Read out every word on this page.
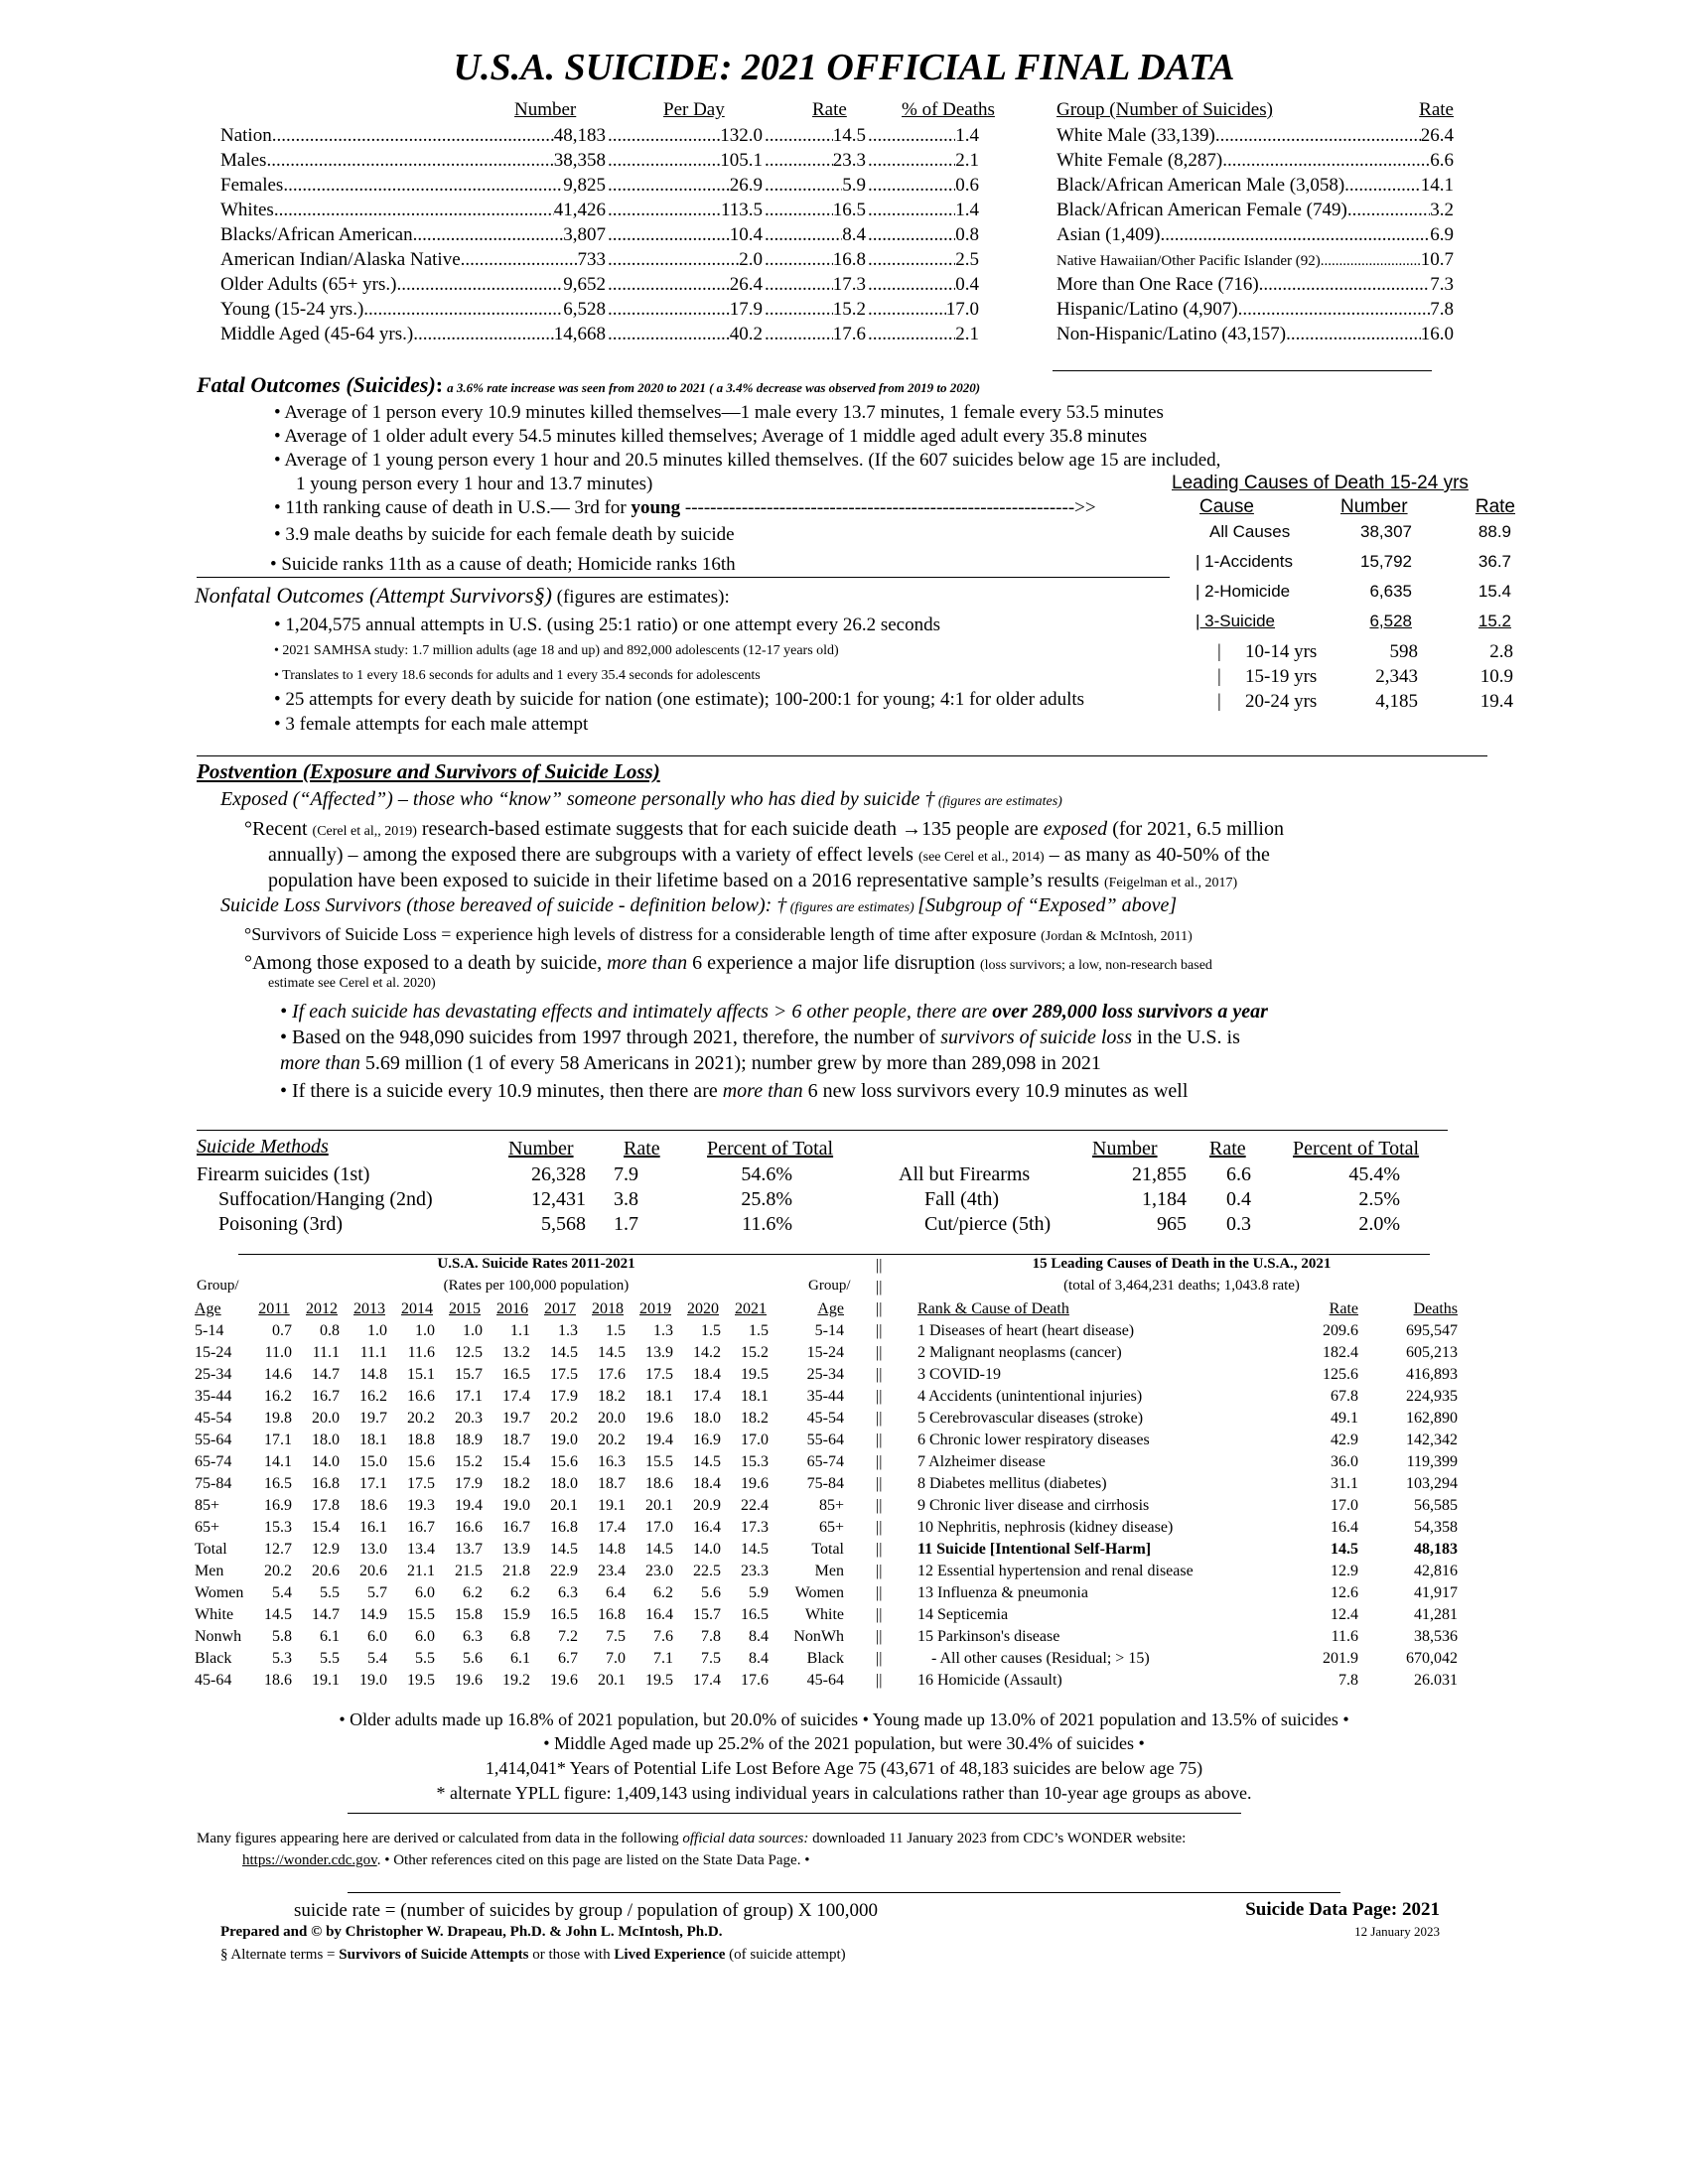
U.S.A. SUICIDE: 2021 OFFICIAL FINAL DATA
Number	Per Day	Rate	% of Deaths
Nation .....	48,183 .....	132.0 .....	14.5 .....	1.4
Males .....	38,358 .....	105.1 .....	23.3 .....	2.1
Females .....	9,825 .....	26.9 .....	5.9 .....	0.6
Whites .....	41,426 .....	113.5 .....	16.5 .....	1.4
Blacks/African American .....	3,807 .....	10.4 .....	8.4 .....	0.8
American Indian/Alaska Native .....	733 .....	2.0 .....	16.8 .....	2.5
Older Adults (65+ yrs.) .....	9,652 .....	26.4 .....	17.3 .....	0.4
Young (15-24 yrs.) .....	6,528 .....	17.9 .....	15.2 .....	17.0
Middle Aged (45-64 yrs.) .....	14,668 .....	40.2 .....	17.6 .....	2.1
Group (Number of Suicides)	Rate
White Male (33,139) .....	26.4
White Female (8,287) .....	6.6
Black/African American Male (3,058) .....	14.1
Black/African American Female (749) .....	3.2
Asian (1,409) .....	6.9
Native Hawaiian/Other Pacific Islander (92) .....	10.7
More than One Race (716) .....	7.3
Hispanic/Latino (4,907) .....	7.8
Non-Hispanic/Latino (43,157) .....	16.0
Fatal Outcomes (Suicides): a 3.6% rate increase was seen from 2020 to 2021 ( a 3.4% decrease was observed from 2019 to 2020)
• Average of 1 person every 10.9 minutes killed themselves—1 male every 13.7 minutes, 1 female every 53.5 minutes
• Average of 1 older adult every 54.5 minutes killed themselves; Average of 1 middle aged adult every 35.8 minutes
• Average of 1 young person every 1 hour and 20.5 minutes killed themselves. (If the 607 suicides below age 15 are included,
1 young person every 1 hour and 13.7 minutes)
• 11th ranking cause of death in U.S.— 3rd for young -------------------------------------------------------------->>
• 3.9 male deaths by suicide for each female death by suicide
• Suicide ranks 11th as a cause of death; Homicide ranks 16th
Leading Causes of Death 15-24 yrs
Cause	Number	Rate
All Causes	38,307	88.9
| 1-Accidents	15,792	36.7
| 2-Homicide	6,635	15.4
| 3-Suicide	6,528	15.2
| 10-14 yrs	598	2.8
| 15-19 yrs	2,343	10.9
| 20-24 yrs	4,185	19.4
Nonfatal Outcomes (Attempt Survivors§) (figures are estimates):
• 1,204,575 annual attempts in U.S. (using 25:1 ratio) or one attempt every 26.2 seconds
• 2021 SAMHSA study: 1.7 million adults (age 18 and up) and 892,000 adolescents (12-17 years old)
• Translates to 1 every 18.6 seconds for adults and 1 every 35.4 seconds for adolescents
• 25 attempts for every death by suicide for nation (one estimate); 100-200:1 for young; 4:1 for older adults
• 3 female attempts for each male attempt
Postvention (Exposure and Survivors of Suicide Loss)
Exposed (“Affected”) – those who “know” someone personally who has died by suicide † (figures are estimates)
°Recent (Cerel et al,, 2019) research-based estimate suggests that for each suicide death →135 people are exposed (for 2021, 6.5 million
annually) – among the exposed there are subgroups with a variety of effect levels (see Cerel et al., 2014) – as many as 40-50% of the
population have been exposed to suicide in their lifetime based on a 2016 representative sample’s results (Feigelman et al., 2017)
Suicide Loss Survivors (those bereaved of suicide - definition below): † (figures are estimates) [Subgroup of “Exposed” above]
°Survivors of Suicide Loss = experience high levels of distress for a considerable length of time after exposure (Jordan & McIntosh, 2011)
°Among those exposed to a death by suicide, more than 6 experience a major life disruption (loss survivors; a low, non-research based
estimate see Cerel et al. 2020)
• If each suicide has devastating effects and intimately affects > 6 other people, there are over 289,000 loss survivors a year
• Based on the 948,090 suicides from 1997 through 2021, therefore, the number of survivors of suicide loss in the U.S. is
more than 5.69 million (1 of every 58 Americans in 2021); number grew by more than 289,098 in 2021
• If there is a suicide every 10.9 minutes, then there are more than 6 new loss survivors every 10.9 minutes as well
Suicide Methods	Number	Rate Percent of Total	Number	Rate Percent of Total
Firearm suicides (1st)	26,328	7.9	54.6%
Suffocation/Hanging (2nd)	12,431	3.8	25.8%
Poisoning (3rd)	5,568	1.7	11.6%
All but Firearms	21,855	6.6	45.4%
Fall (4th)	1,184	0.4	2.5%
Cut/pierce (5th)	965	0.3	2.0%
U.S.A. Suicide Rates 2011-2021
(Rates per 100,000 population)
Group/	Group/
Age	2011	2012	2013	2014	2015	2016	2017	2018	2019	2020	2021	Age
5-14	0.7	0.8	1.0	1.0	1.0	1.1	1.3	1.5	1.3	1.5	1.5	5-14
15-24	11.0	11.1	11.1	11.6	12.5	13.2	14.5	14.5	13.9	14.2	15.2	15-24
25-34	14.6	14.7	14.8	15.1	15.7	16.5	17.5	17.6	17.5	18.4	19.5	25-34
35-44	16.2	16.7	16.2	16.6	17.1	17.4	17.9	18.2	18.1	17.4	18.1	35-44
45-54	19.8	20.0	19.7	20.2	20.3	19.7	20.2	20.0	19.6	18.0	18.2	45-54
55-64	17.1	18.0	18.1	18.8	18.9	18.7	19.0	20.2	19.4	16.9	17.0	55-64
65-74	14.1	14.0	15.0	15.6	15.2	15.4	15.6	16.3	15.5	14.5	15.3	65-74
75-84	16.5	16.8	17.1	17.5	17.9	18.2	18.0	18.7	18.6	18.4	19.6	75-84
85+	16.9	17.8	18.6	19.3	19.4	19.0	20.1	19.1	20.1	20.9	22.4	85+
65+	15.3	15.4	16.1	16.7	16.6	16.7	16.8	17.4	17.0	16.4	17.3	65+
Total	12.7	12.9	13.0	13.4	13.7	13.9	14.5	14.8	14.5	14.0	14.5	Total
Men	20.2	20.6	20.6	21.1	21.5	21.8	22.9	23.4	23.0	22.5	23.3	Men
Women	5.4	5.5	5.7	6.0	6.2	6.2	6.3	6.4	6.2	5.6	5.9	Women
White	14.5	14.7	14.9	15.5	15.8	15.9	16.5	16.8	16.4	15.7	16.5	White
Nonwh	5.8	6.1	6.0	6.0	6.3	6.8	7.2	7.5	7.6	7.8	8.4	NonWh
Black	5.3	5.5	5.4	5.5	5.6	6.1	6.7	7.0	7.1	7.5	8.4	Black
45-64	18.6	19.1	19.0	19.5	19.6	19.2	19.6	20.1	19.5	17.4	17.6	45-64
||
||
||
||
||
||
||
||
||
||
||
||
||
||
||
||
||
||
||
||
15 Leading Causes of Death in the U.S.A., 2021
(total of 3,464,231 deaths; 1,043.8 rate)
Rank & Cause of Death	Rate	Deaths
1 Diseases of heart (heart disease)	209.6	695,547
2 Malignant neoplasms (cancer)	182.4	605,213
3 COVID-19	125.6	416,893
4 Accidents (unintentional injuries)	67.8	224,935
5 Cerebrovascular diseases (stroke)	49.1	162,890
6 Chronic lower respiratory diseases	42.9	142,342
7 Alzheimer disease	36.0	119,399
8 Diabetes mellitus (diabetes)	31.1	103,294
9 Chronic liver disease and cirrhosis	17.0	56,585
10 Nephritis, nephrosis (kidney disease)	16.4	54,358
11 Suicide [Intentional Self-Harm]	14.5	48,183
12 Essential hypertension and renal disease	12.9	42,816
13 Influenza & pneumonia	12.6	41,917
14 Septicemia	12.4	41,281
15 Parkinson's disease	11.6	38,536
- All other causes (Residual; > 15)	201.9	670,042
16 Homicide (Assault)	7.8	26.031
• Older adults made up 16.8% of 2021 population, but 20.0% of suicides • Young made up 13.0% of 2021 population and 13.5% of suicides •
• Middle Aged made up 25.2% of the 2021 population, but were 30.4% of suicides •
1,414,041* Years of Potential Life Lost Before Age 75 (43,671 of 48,183 suicides are below age 75)
* alternate YPLL figure: 1,409,143 using individual years in calculations rather than 10-year age groups as above.
Many figures appearing here are derived or calculated from data in the following official data sources: downloaded 11 January 2023 from CDC’s WONDER website:
https://wonder.cdc.gov. • Other references cited on this page are listed on the State Data Page. •
suicide rate = (number of suicides by group / population of group) X 100,000	Suicide Data Page: 2021
Prepared and © by Christopher W. Drapeau, Ph.D. & John L. McIntosh, Ph.D.	12 January 2023
§ Alternate terms = Survivors of Suicide Attempts or those with Lived Experience (of suicide attempt)
